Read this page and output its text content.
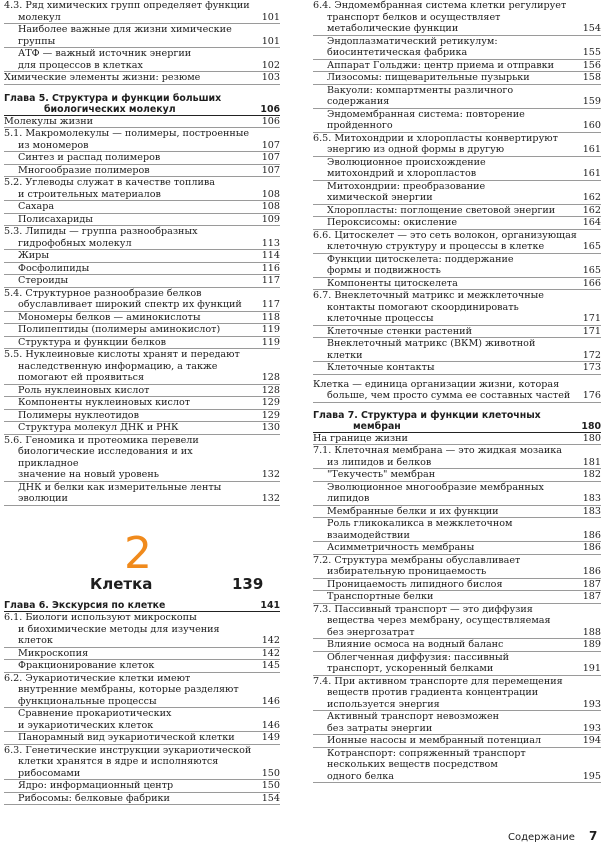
4.3. Ряд химических групп определяет функции
молекул	101
Наиболее важные для жизни химические
группы	101
АТФ — важный источник энергии
для процессов в клетках	102
Химические элементы жизни: резюме	103
Глава 5. Структура и функции больших
биологических молекул	106
Молекулы жизни	106
5.1. Макромолекулы — полимеры, построенные
из мономеров	107
Синтез и распад полимеров	107
Многообразие полимеров	107
5.2. Углеводы служат в качестве топлива
и строительных материалов	108
Сахара	108
Полисахариды	109
5.3. Липиды — группа разнообразных
гидрофобных молекул	113
Жиры	114
Фосфолипиды	116
Стероиды	117
5.4. Структурное разнообразие белков
обуславливает широкий спектр их функций	117
Мономеры белков — аминокислоты	118
Полипептиды (полимеры аминокислот)	119
Структура и функции белков	119
5.5. Нуклеиновые кислоты хранят и передают
наследственную информацию, а также
помогают ей проявиться	128
Роль нуклеиновых кислот	128
Компоненты нуклеиновых кислот	129
Полимеры нуклеотидов	129
Структура молекул ДНК и РНК	130
5.6. Геномика и протеомика перевели
биологические исследования и их прикладное
значение на новый уровень	132
ДНК и белки как измерительные ленты
эволюции	132
2
Клетка	139
Глава 6. Экскурсия по клетке	141
6.1. Биологи используют микроскопы
и биохимические методы для изучения клеток	142
Микроскопия	142
Фракционирование клеток	145
6.2. Эукариотические клетки имеют
внутренние мембраны, которые разделяют
функциональные процессы	146
Сравнение прокариотических
и эукариотических клеток	146
Панорамный вид эукариотической клетки	149
6.3. Генетические инструкции эукариотической
клетки хранятся в ядре и исполняются
рибосомами	150
Ядро: информационный центр	150
Рибосомы: белковые фабрики	154
6.4. Эндомембранная система клетки регулирует
транспорт белков и осуществляет
метаболические функции	154
Эндоплазматический ретикулум:
биосинтетическая фабрика	155
Аппарат Гольджи: центр приема и отправки	156
Лизосомы: пищеварительные пузырьки	158
Вакуоли: компартменты различного
содержания	159
Эндомембранная система: повторение
пройденного	160
6.5. Митохондрии и хлоропласты конвертируют
энергию из одной формы в другую	161
Эволюционное происхождение
митохондрий и хлоропластов	161
Митохондрии: преобразование
химической энергии	162
Хлоропласты: поглощение световой энергии	162
Пероксисомы: окисление	164
6.6. Цитоскелет — это сеть волокон, организующая
клеточную структуру и процессы в клетке	165
Функции цитоскелета: поддержание
формы и подвижность	165
Компоненты цитоскелета	166
6.7. Внеклеточный матрикс и межклеточные
контакты помогают скоординировать
клеточные процессы	171
Клеточные стенки растений	171
Внеклеточный матрикс (ВКМ) животной
клетки	172
Клеточные контакты	173
Клетка — единица организации жизни, которая
больше, чем просто сумма ее составных частей	176
Глава 7. Структура и функции клеточных
мембран	180
На границе жизни	180
7.1. Клеточная мембрана — это жидкая мозаика
из липидов и белков	181
"Текучесть" мембран	182
Эволюционное многообразие мембранных
липидов	183
Мембранные белки и их функции	183
Роль гликокаликса в межклеточном
взаимодействии	186
Асимметричность мембраны	186
7.2. Структура мембраны обуславливает
избирательную проницаемость	186
Проницаемость липидного бислоя	187
Транспортные белки	187
7.3. Пассивный транспорт — это диффузия
вещества через мембрану, осуществляемая
без энергозатрат	188
Влияние осмоса на водный баланс	189
Облегченная диффузия: пассивный
транспорт, ускоренный белками	191
7.4. При активном транспорте для перемещения
веществ против градиента концентрации
используется энергия	193
Активный транспорт невозможен
без затраты энергии	193
Ионные насосы и мембранный потенциал	194
Котранспорт: сопряженный транспорт
нескольких веществ посредством
одного белка	195
Содержание 7
